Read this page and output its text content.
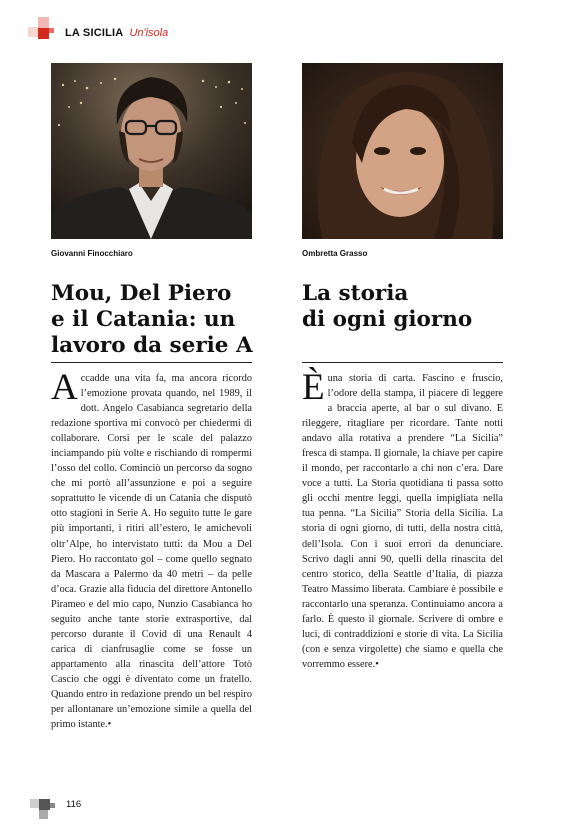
LA SICILIA Un'isola
Giovanni Finocchiaro	Ombretta Grasso
Mou, Del Piero
e il Catania: un
lavoro da serie A
La storia
di ogni giorno

Accadde una vita fa, ma ancora ricordo l’emozione provata quando, nel 1989, il dott. Angelo Casabianca segretario della redazione sportiva mi convocò per chiedermi di collaborare. Corsi per le scale del palazzo inciampando più volte e rischiando di rompermi l’osso del collo. Cominciò un percorso da sogno che mi portò all’assunzione e poi a seguire soprattutto le vicende di un Catania che disputò otto stagioni in Serie A. Ho seguito tutte le gare più importanti, i ritiri all’estero, le amichevoli oltr’Alpe, ho intervistato tutti: da Mou a Del Piero. Ho raccontato gol – come quello segnato da Mascara a Palermo da 40 metri – da pelle d’oca. Grazie alla fiducia del direttore Antonello Pirameo e del mio capo, Nunzio Casabianca ho seguito anche tante storie extrasportive, dal percorso durante il Covid di una Renault 4 carica di cianfrusaglie come se fosse un appartamento alla rinascita dell’attore Totò Cascio che oggi è diventato come un fratello. Quando entro in redazione prendo un bel respiro per allontanare un’emozione simile a quella del primo istante.•

Èuna storia di carta. Fascino e fruscio, l’odore della stampa, il piacere di leggere a braccia aperte, al bar o sul divano. E rileggere, ritagliare per ricordare. Tante notti andavo alla rotativa a prendere “La Sicilia” fresca di stampa. Il giornale, la chiave per capire il mondo, per raccontarlo a chi non c’era. Dare voce a tutti. La Storia quotidiana ti passa sotto gli occhi mentre leggi, quella impigliata nella tua penna. “La Sicilia” Storia della Sicilia. La storia di ogni giorno, di tutti, della nostra città, dell’Isola. Con i suoi errori da denunciare. Scrivo dagli anni 90, quelli della rinascita del centro storico, della Seattle d’Italia, di piazza Teatro Massimo liberata. Cambiare è possibile e raccontarlo una speranza. Continuiamo ancora a farlo. È questo il giornale. Scrivere di ombre e luci, di contraddizioni e storie di vita. La Sicilia (con e senza virgolette) che siamo e quella che vorremmo essere.•

116
